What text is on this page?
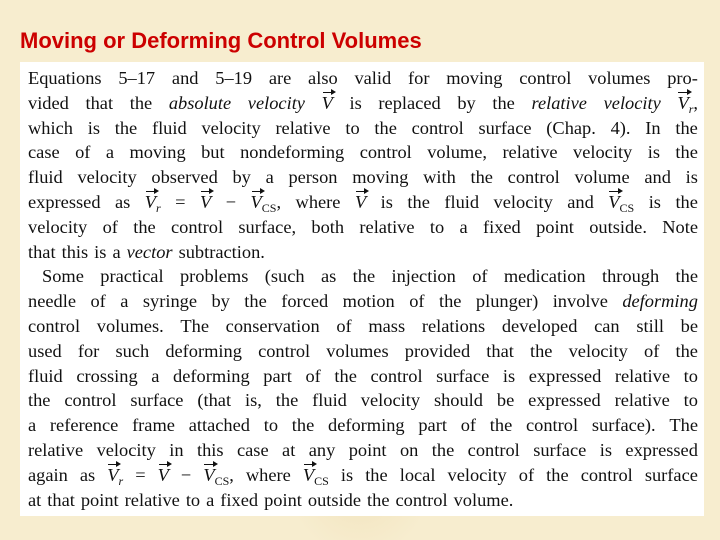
Moving or Deforming Control Volumes
Equations 5–17 and 5–19 are also valid for moving control volumes pro-
vided that the absolute velocity V is replaced by the relative velocity $V_r$,
which is the fluid velocity relative to the control surface (Chap. 4). In the
case of a moving but nondeforming control volume, relative velocity is the
fluid velocity observed by a person moving with the control volume and is
expressed as $V_r = V - V_{CS}$, where V is the fluid velocity and $V_{CS}$ is the
velocity of the control surface, both relative to a fixed point outside. Note
that this is a vector subtraction.
Some practical problems (such as the injection of medication through the
needle of a syringe by the forced motion of the plunger) involve deforming
control volumes. The conservation of mass relations developed can still be
used for such deforming control volumes provided that the velocity of the
fluid crossing a deforming part of the control surface is expressed relative to
the control surface (that is, the fluid velocity should be expressed relative to
a reference frame attached to the deforming part of the control surface). The
relative velocity in this case at any point on the control surface is expressed
again as $V_r = V - V_{CS}$, where $V_{CS}$ is the local velocity of the control surface
at that point relative to a fixed point outside the control volume.
